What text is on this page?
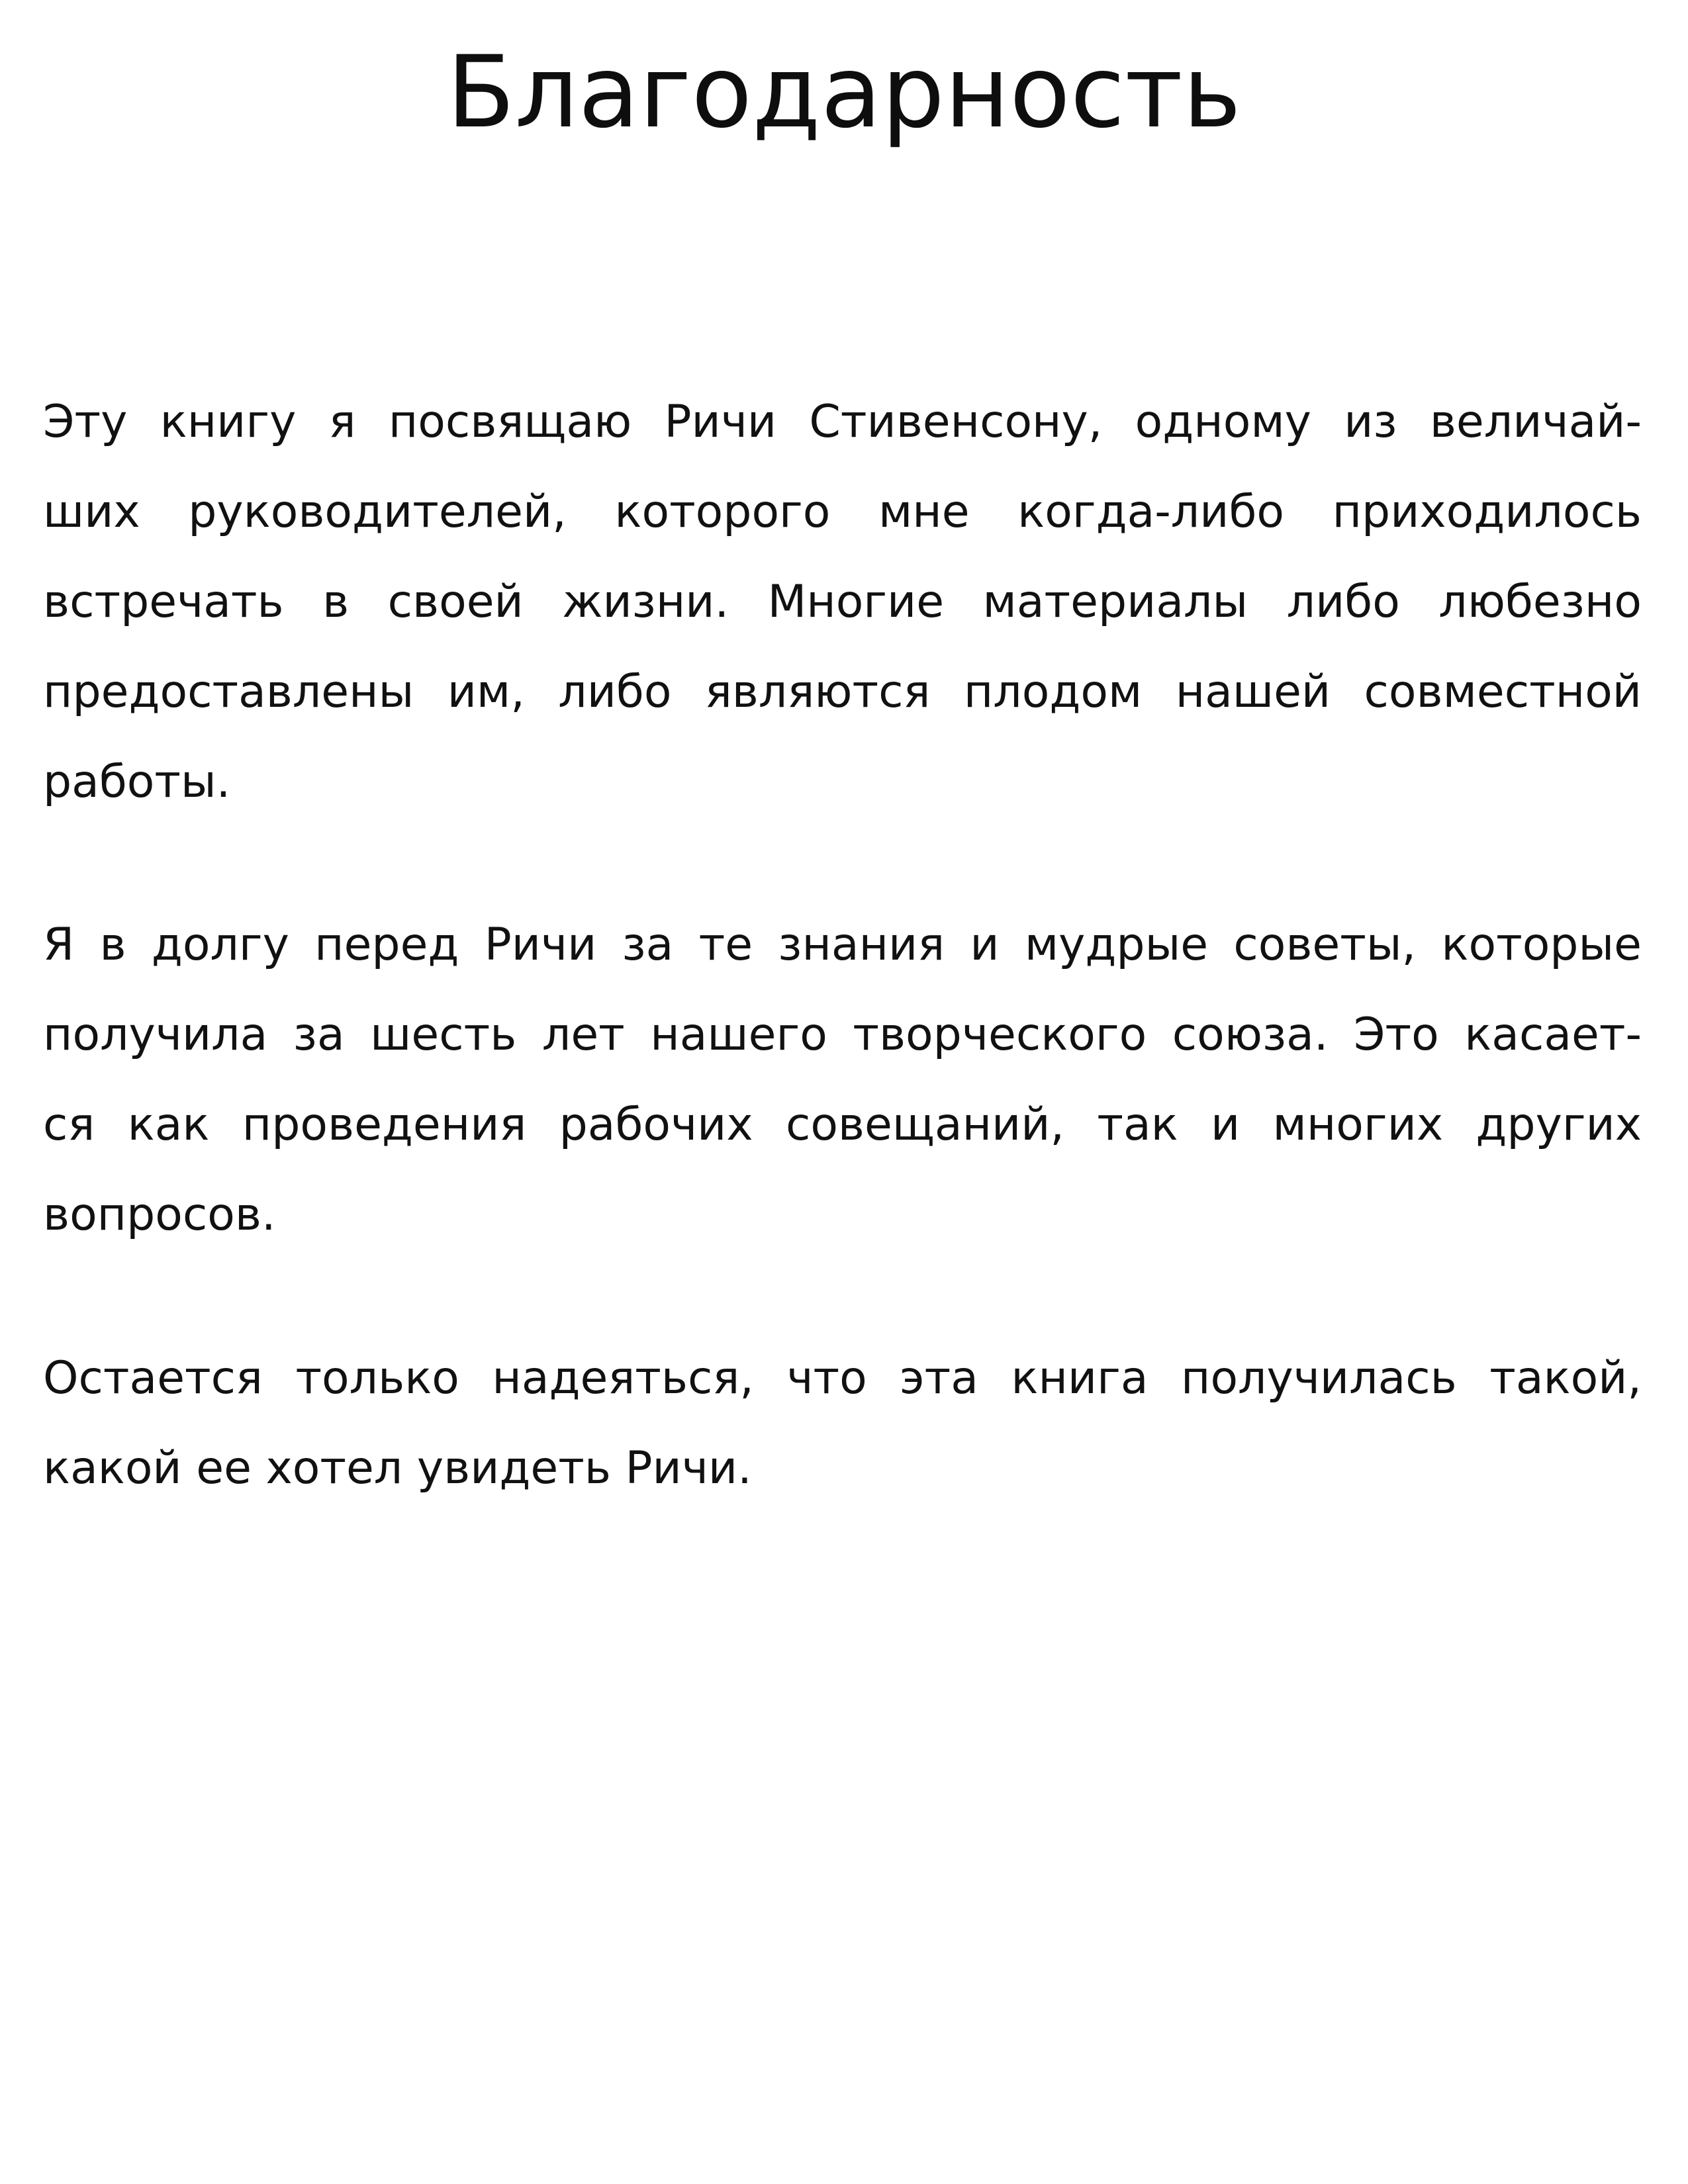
Благодарность
Эту книгу я посвящаю Ричи Стивенсону, одному из величай-
ших руководителей, которого мне когда-либо приходилось
встречать в своей жизни. Многие материалы либо любезно
предоставлены им, либо являются плодом нашей совместной
работы.
Я в долгу перед Ричи за те знания и мудрые советы, которые
получила за шесть лет нашего творческого союза. Это касает-
ся как проведения рабочих совещаний, так и многих других
вопросов.
Остается только надеяться, что эта книга получилась такой,
какой ее хотел увидеть Ричи.
